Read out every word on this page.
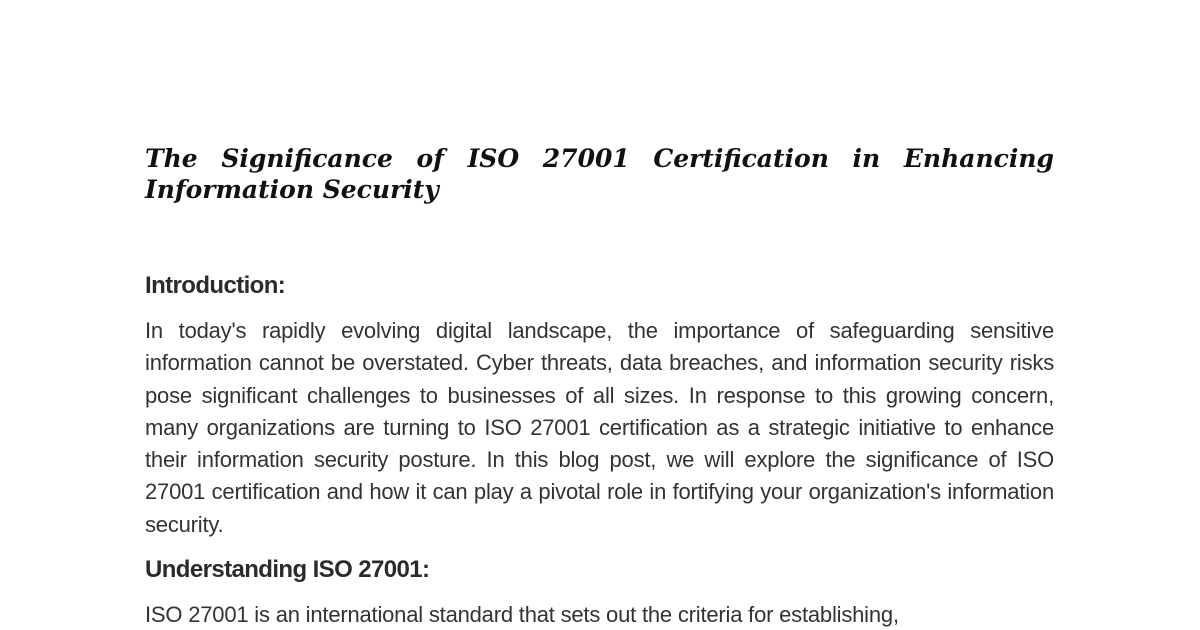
The Significance of ISO 27001 Certification in Enhancing Information Security
Introduction:

In today's rapidly evolving digital landscape, the importance of safeguarding sensitive information cannot be overstated. Cyber threats, data breaches, and information security risks pose significant challenges to businesses of all sizes. In response to this growing concern, many organizations are turning to ISO 27001 certification as a strategic initiative to enhance their information security posture. In this blog post, we will explore the significance of ISO 27001 certification and how it can play a pivotal role in fortifying your organization's information security.

Understanding ISO 27001:

ISO 27001 is an international standard that sets out the criteria for establishing,
